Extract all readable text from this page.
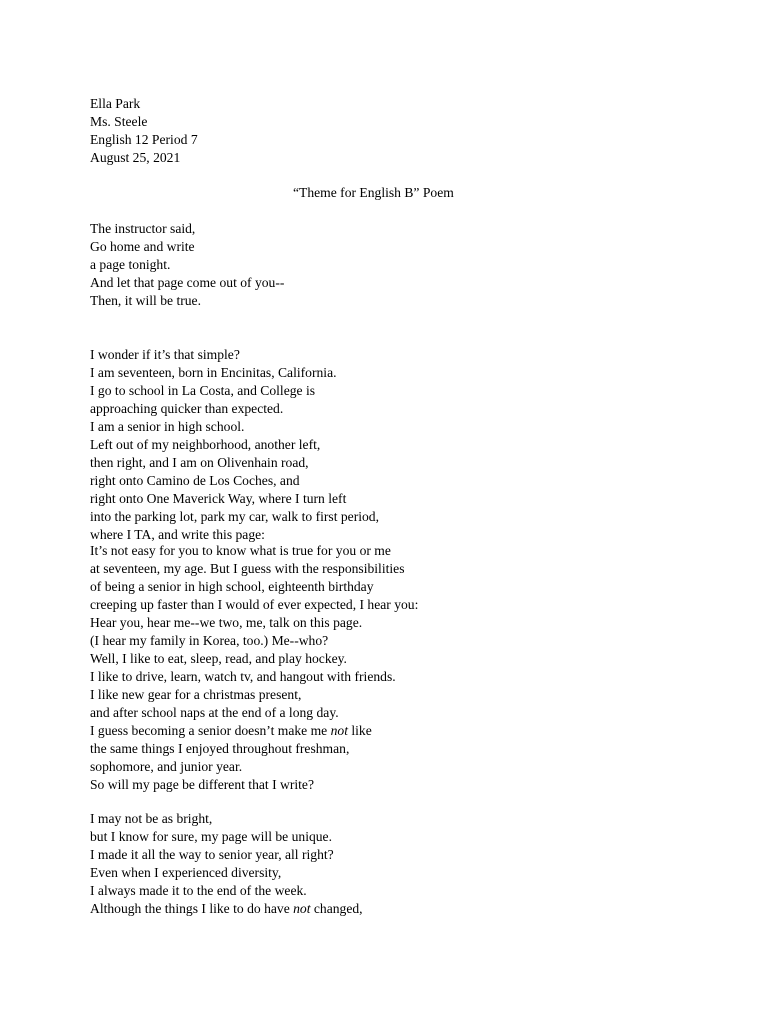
Ella Park
Ms. Steele
English 12 Period 7
August 25, 2021
“Theme for English B” Poem
The instructor said,
Go home and write
a page tonight.
And let that page come out of you--
Then, it will be true.
I wonder if it’s that simple?
I am seventeen, born in Encinitas, California.
I go to school in La Costa, and College is
approaching quicker than expected.
I am a senior in high school.
Left out of my neighborhood, another left,
then right, and I am on Olivenhain road,
right onto Camino de Los Coches, and
right onto One Maverick Way, where I turn left
into the parking lot, park my car, walk to first period,
where I TA, and write this page:
It’s not easy for you to know what is true for you or me
at seventeen, my age. But I guess with the responsibilities
of being a senior in high school, eighteenth birthday
creeping up faster than I would of ever expected, I hear you:
Hear you, hear me--we two, me, talk on this page.
(I hear my family in Korea, too.) Me--who?
Well, I like to eat, sleep, read, and play hockey.
I like to drive, learn, watch tv, and hangout with friends.
I like new gear for a christmas present,
and after school naps at the end of a long day.
I guess becoming a senior doesn’t make me not like
the same things I enjoyed throughout freshman,
sophomore, and junior year.
So will my page be different that I write?
I may not be as bright,
but I know for sure, my page will be unique.
I made it all the way to senior year, all right?
Even when I experienced diversity,
I always made it to the end of the week.
Although the things I like to do have not changed,
